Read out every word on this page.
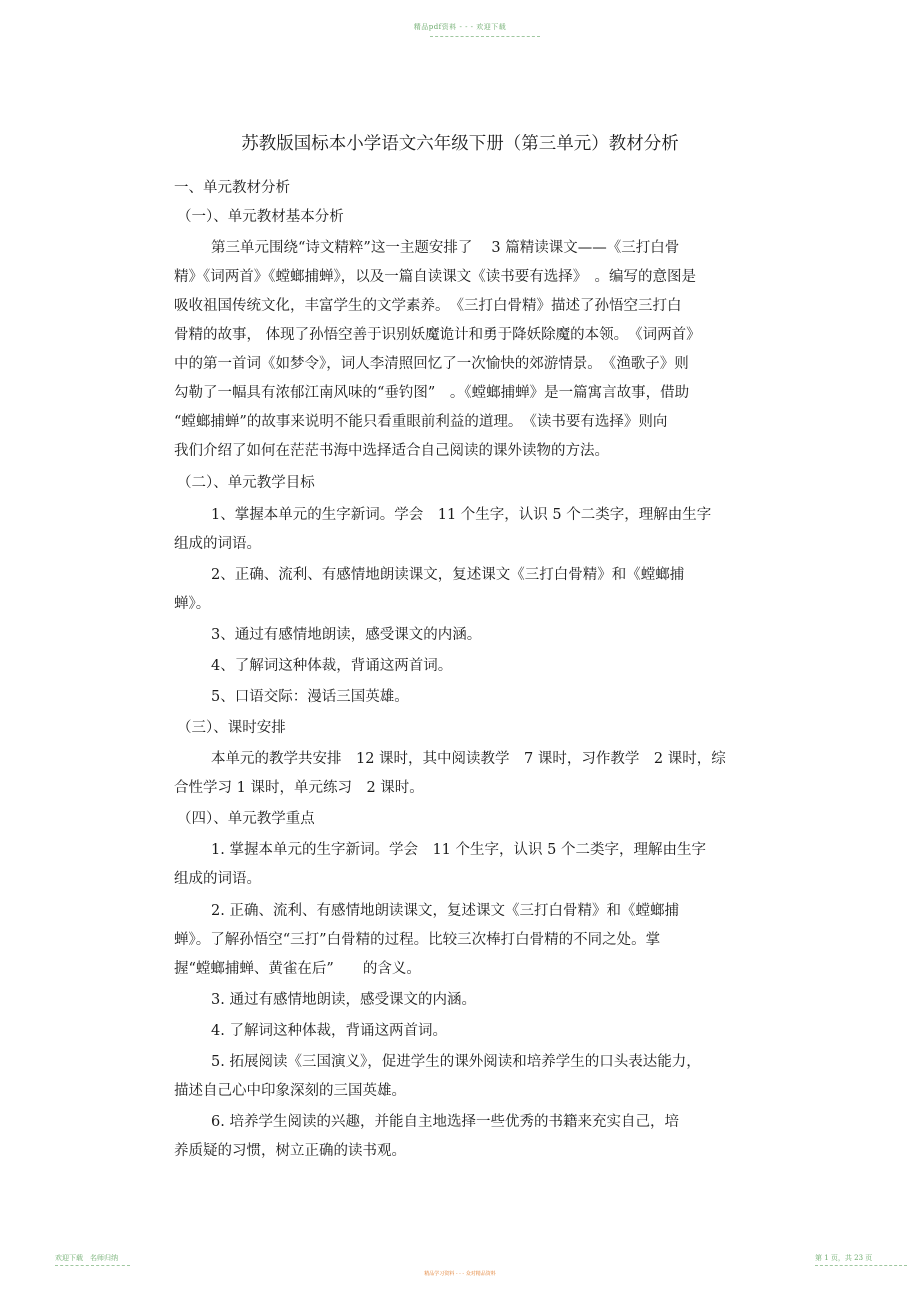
精品pdf资料 - - - 欢迎下载
苏教版国标本小学语文六年级下册（第三单元）教材分析

一、单元教材分析

（一）、单元教材基本分析

第三单元围绕“诗文精粹”这一主题安排了　 3 篇精读课文——《三打白骨

精》《词两首》《螳螂捕蝉》，以及一篇自读课文《读书要有选择》　。编写的意图是

吸收祖国传统文化，丰富学生的文学素养。　《三打白骨精》描述了孙悟空三打白

骨精的故事， 体现了孙悟空善于识别妖魔诡计和勇于降妖除魔的本领。　《词两首》

中的第一首词《如梦令》，词人李清照回忆了一次愉快的郊游情景。　《渔歌子》则

勾勒了一幅具有浓郁江南风味的“垂钓图”　。《螳螂捕蝉》是一篇寓言故事，借助

“螳螂捕蝉”的故事来说明不能只看重眼前利益的道理。　《读书要有选择》则向

我们介绍了如何在茫茫书海中选择适合自己阅读的课外读物的方法。

（二）、单元教学目标

1、掌握本单元的生字新词。学会　11 个生字，认识 5 个二类字，理解由生字

组成的词语。

2、正确、流利、有感情地朗读课文，复述课文《三打白骨精》和《螳螂捕

蝉》。

3、通过有感情地朗读，感受课文的内涵。

4、了解词这种体裁，背诵这两首词。

5、口语交际：漫话三国英雄。

（三）、课时安排

本单元的教学共安排　12 课时，其中阅读教学　7 课时，习作教学　2 课时，综

合性学习 1 课时，单元练习　2 课时。

（四）、单元教学重点

1. 掌握本单元的生字新词。学会　11 个生字，认识 5 个二类字，理解由生字

组成的词语。

2. 正确、流利、有感情地朗读课文，复述课文《三打白骨精》和《螳螂捕

蝉》。了解孙悟空“三打”白骨精的过程。比较三次棒打白骨精的不同之处。掌

握“螳螂捕蝉、黄雀在后”　　的含义。

3. 通过有感情地朗读，感受课文的内涵。

4. 了解词这种体裁，背诵这两首词。

5. 拓展阅读《三国演义》，促进学生的课外阅读和培养学生的口头表达能力，

描述自己心中印象深刻的三国英雄。

6. 培养学生阅读的兴趣，并能自主地选择一些优秀的书籍来充实自己，培

养质疑的习惯，树立正确的读书观。

欢迎下载　名师归纳	第 1 页，共 23 页
精品学习资料 - - - 众对精品资料
